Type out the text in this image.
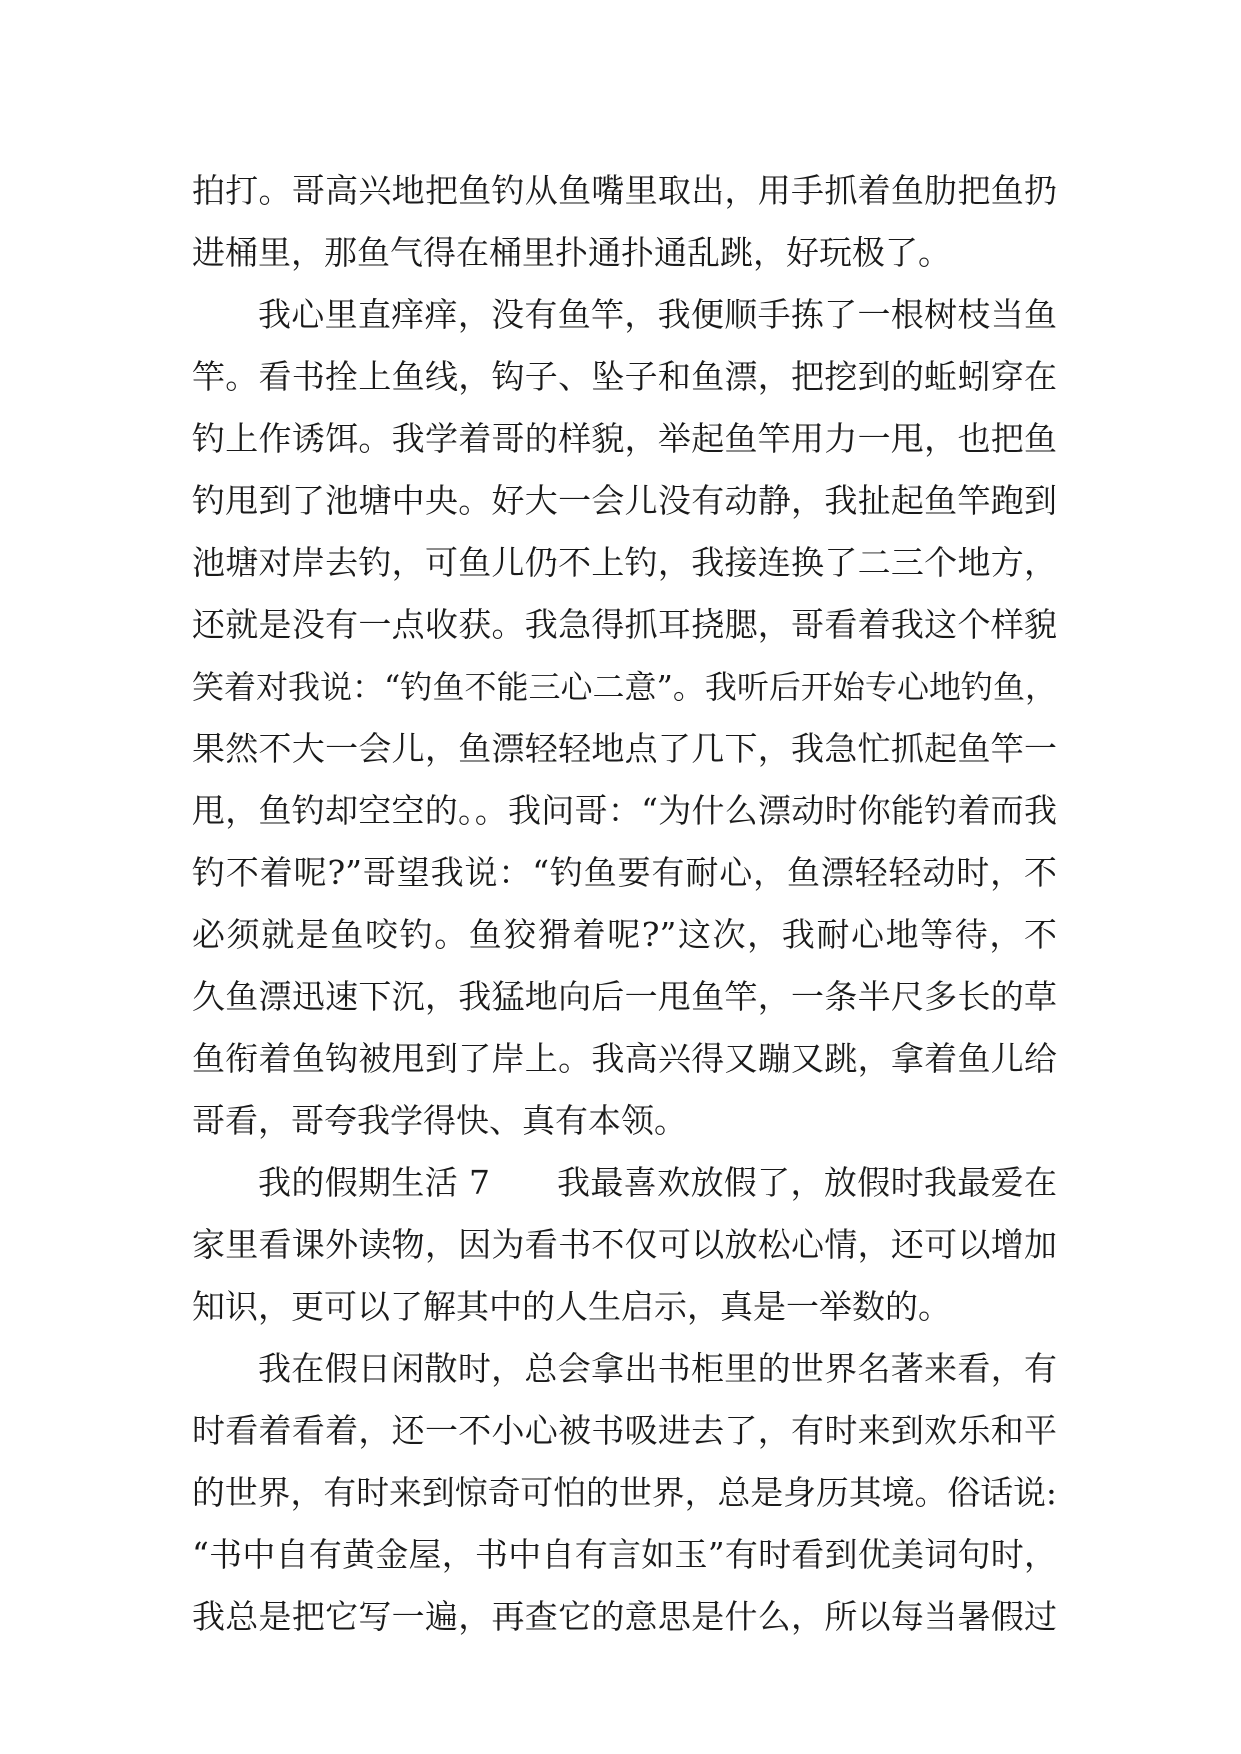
拍打。哥高兴地把鱼钓从鱼嘴里取出，用手抓着鱼肋把鱼扔
进桶里，那鱼气得在桶里扑通扑通乱跳，好玩极了。
我心里直痒痒，没有鱼竿，我便顺手拣了一根树枝当鱼
竿。看书拴上鱼线，钩子、坠子和鱼漂，把挖到的蚯蚓穿在
钓上作诱饵。我学着哥的样貌，举起鱼竿用力一甩，也把鱼
钓甩到了池塘中央。好大一会儿没有动静，我扯起鱼竿跑到
池塘对岸去钓，可鱼儿仍不上钓，我接连换了二三个地方，
还就是没有一点收获。我急得抓耳挠腮，哥看着我这个样貌
笑着对我说：“钓鱼不能三心二意”。我听后开始专心地钓鱼，
果然不大一会儿，鱼漂轻轻地点了几下，我急忙抓起鱼竿一
甩，鱼钓却空空的。。我问哥：“为什么漂动时你能钓着而我
钓不着呢?”哥望我说：“钓鱼要有耐心，鱼漂轻轻动时，不
必须就是鱼咬钓。鱼狡猾着呢?”这次，我耐心地等待，不
久鱼漂迅速下沉，我猛地向后一甩鱼竿，一条半尺多长的草
鱼衔着鱼钩被甩到了岸上。我高兴得又蹦又跳，拿着鱼儿给
哥看，哥夸我学得快、真有本领。
我的假期生活 7　　我最喜欢放假了，放假时我最爱在
家里看课外读物，因为看书不仅可以放松心情，还可以增加
知识，更可以了解其中的人生启示，真是一举数的。
我在假日闲散时，总会拿出书柜里的世界名著来看，有
时看着看着，还一不小心被书吸进去了，有时来到欢乐和平
的世界，有时来到惊奇可怕的世界，总是身历其境。俗话说:
“书中自有黄金屋，书中自有言如玉”有时看到优美词句时，
我总是把它写一遍，再查它的意思是什么，所以每当暑假过
